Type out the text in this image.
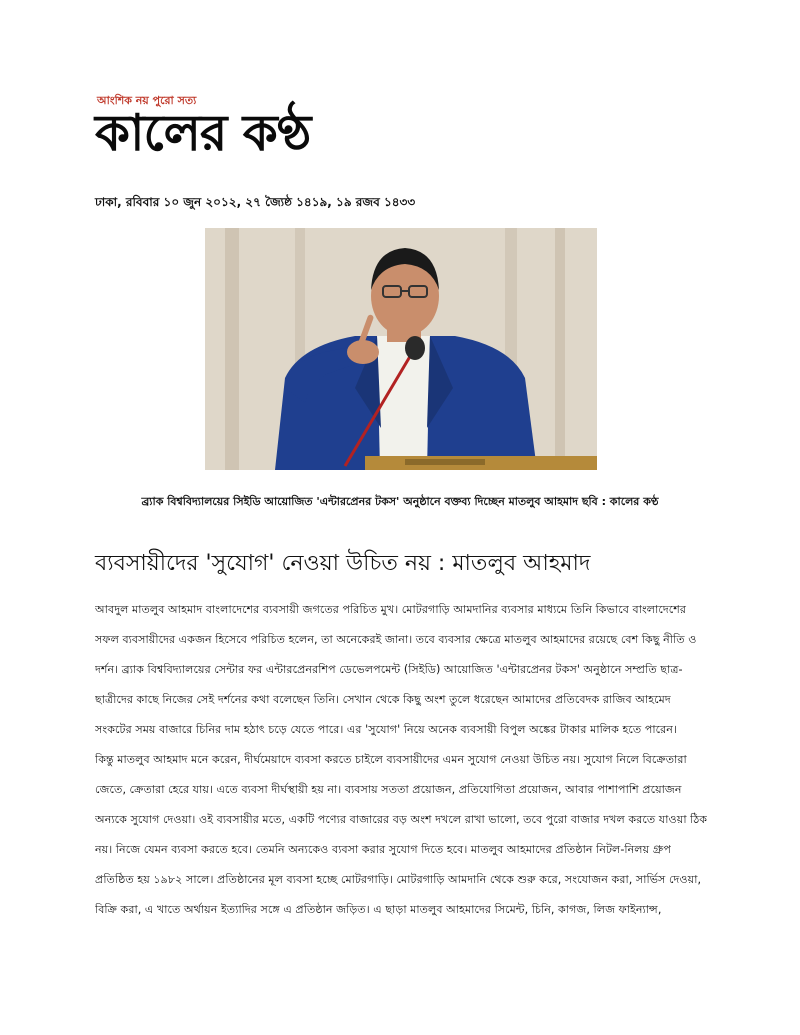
আংশিক নয় পুরো সত্য
কালের কণ্ঠ
ঢাকা, রবিবার ১০ জুন ২০১২, ২৭ জ্যৈষ্ঠ ১৪১৯, ১৯ রজব ১৪৩৩
ব্র্যাক বিশ্ববিদ্যালয়ের সিইডি আয়োজিত 'এন্টারপ্রেনর টকস' অনুষ্ঠানে বক্তব্য দিচ্ছেন মাতলুব আহমাদ ছবি : কালের কণ্ঠ
ব্যবসায়ীদের 'সুযোগ' নেওয়া উচিত নয় : মাতলুব আহমাদ

আবদুল মাতলুব আহমাদ বাংলাদেশের ব্যবসায়ী জগতের পরিচিত মুখ। মোটরগাড়ি আমদানির ব্যবসার মাধ্যমে তিনি কিভাবে বাংলাদেশের

সফল ব্যবসায়ীদের একজন হিসেবে পরিচিত হলেন, তা অনেকেরই জানা। তবে ব্যবসার ক্ষেত্রে মাতলুব আহমাদের রয়েছে বেশ কিছু নীতি ও

দর্শন। ব্র্যাক বিশ্ববিদ্যালয়ের সেন্টার ফর এন্টারপ্রেনরশিপ ডেভেলপমেন্ট (সিইডি) আয়োজিত 'এন্টারপ্রেনর টকস' অনুষ্ঠানে সম্প্রতি ছাত্র-

ছাত্রীদের কাছে নিজের সেই দর্শনের কথা বলেছেন তিনি। সেখান থেকে কিছু অংশ তুলে ধরেছেন আমাদের প্রতিবেদক রাজিব আহমেদ

সংকটের সময় বাজারে চিনির দাম হঠাৎ চড়ে যেতে পারে। এর 'সুযোগ' নিয়ে অনেক ব্যবসায়ী বিপুল অঙ্কের টাকার মালিক হতে পারেন।

কিন্তু মাতলুব আহমাদ মনে করেন, দীর্ঘমেয়াদে ব্যবসা করতে চাইলে ব্যবসায়ীদের এমন সুযোগ নেওয়া উচিত নয়। সুযোগ নিলে বিক্রেতারা

জেতে, ক্রেতারা হেরে যায়। এতে ব্যবসা দীর্ঘস্থায়ী হয় না। ব্যবসায় সততা প্রয়োজন, প্রতিযোগিতা প্রয়োজন, আবার পাশাপাশি প্রয়োজন

অন্যকে সুযোগ দেওয়া। ওই ব্যবসায়ীর মতে, একটি পণ্যের বাজারের বড় অংশ দখলে রাখা ভালো, তবে পুরো বাজার দখল করতে যাওয়া ঠিক

নয়। নিজে যেমন ব্যবসা করতে হবে। তেমনি অন্যকেও ব্যবসা করার সুযোগ দিতে হবে। মাতলুব আহমাদের প্রতিষ্ঠান নিটল-নিলয় গ্রুপ

প্রতিষ্ঠিত হয় ১৯৮২ সালে। প্রতিষ্ঠানের মূল ব্যবসা হচ্ছে মোটরগাড়ি। মোটরগাড়ি আমদানি থেকে শুরু করে, সংযোজন করা, সার্ভিস দেওয়া,

বিক্রি করা, এ খাতে অর্থায়ন ইত্যাদির সঙ্গে এ প্রতিষ্ঠান জড়িত। এ ছাড়া মাতলুব আহমাদের সিমেন্ট, চিনি, কাগজ, লিজ ফাইন্যান্স,
